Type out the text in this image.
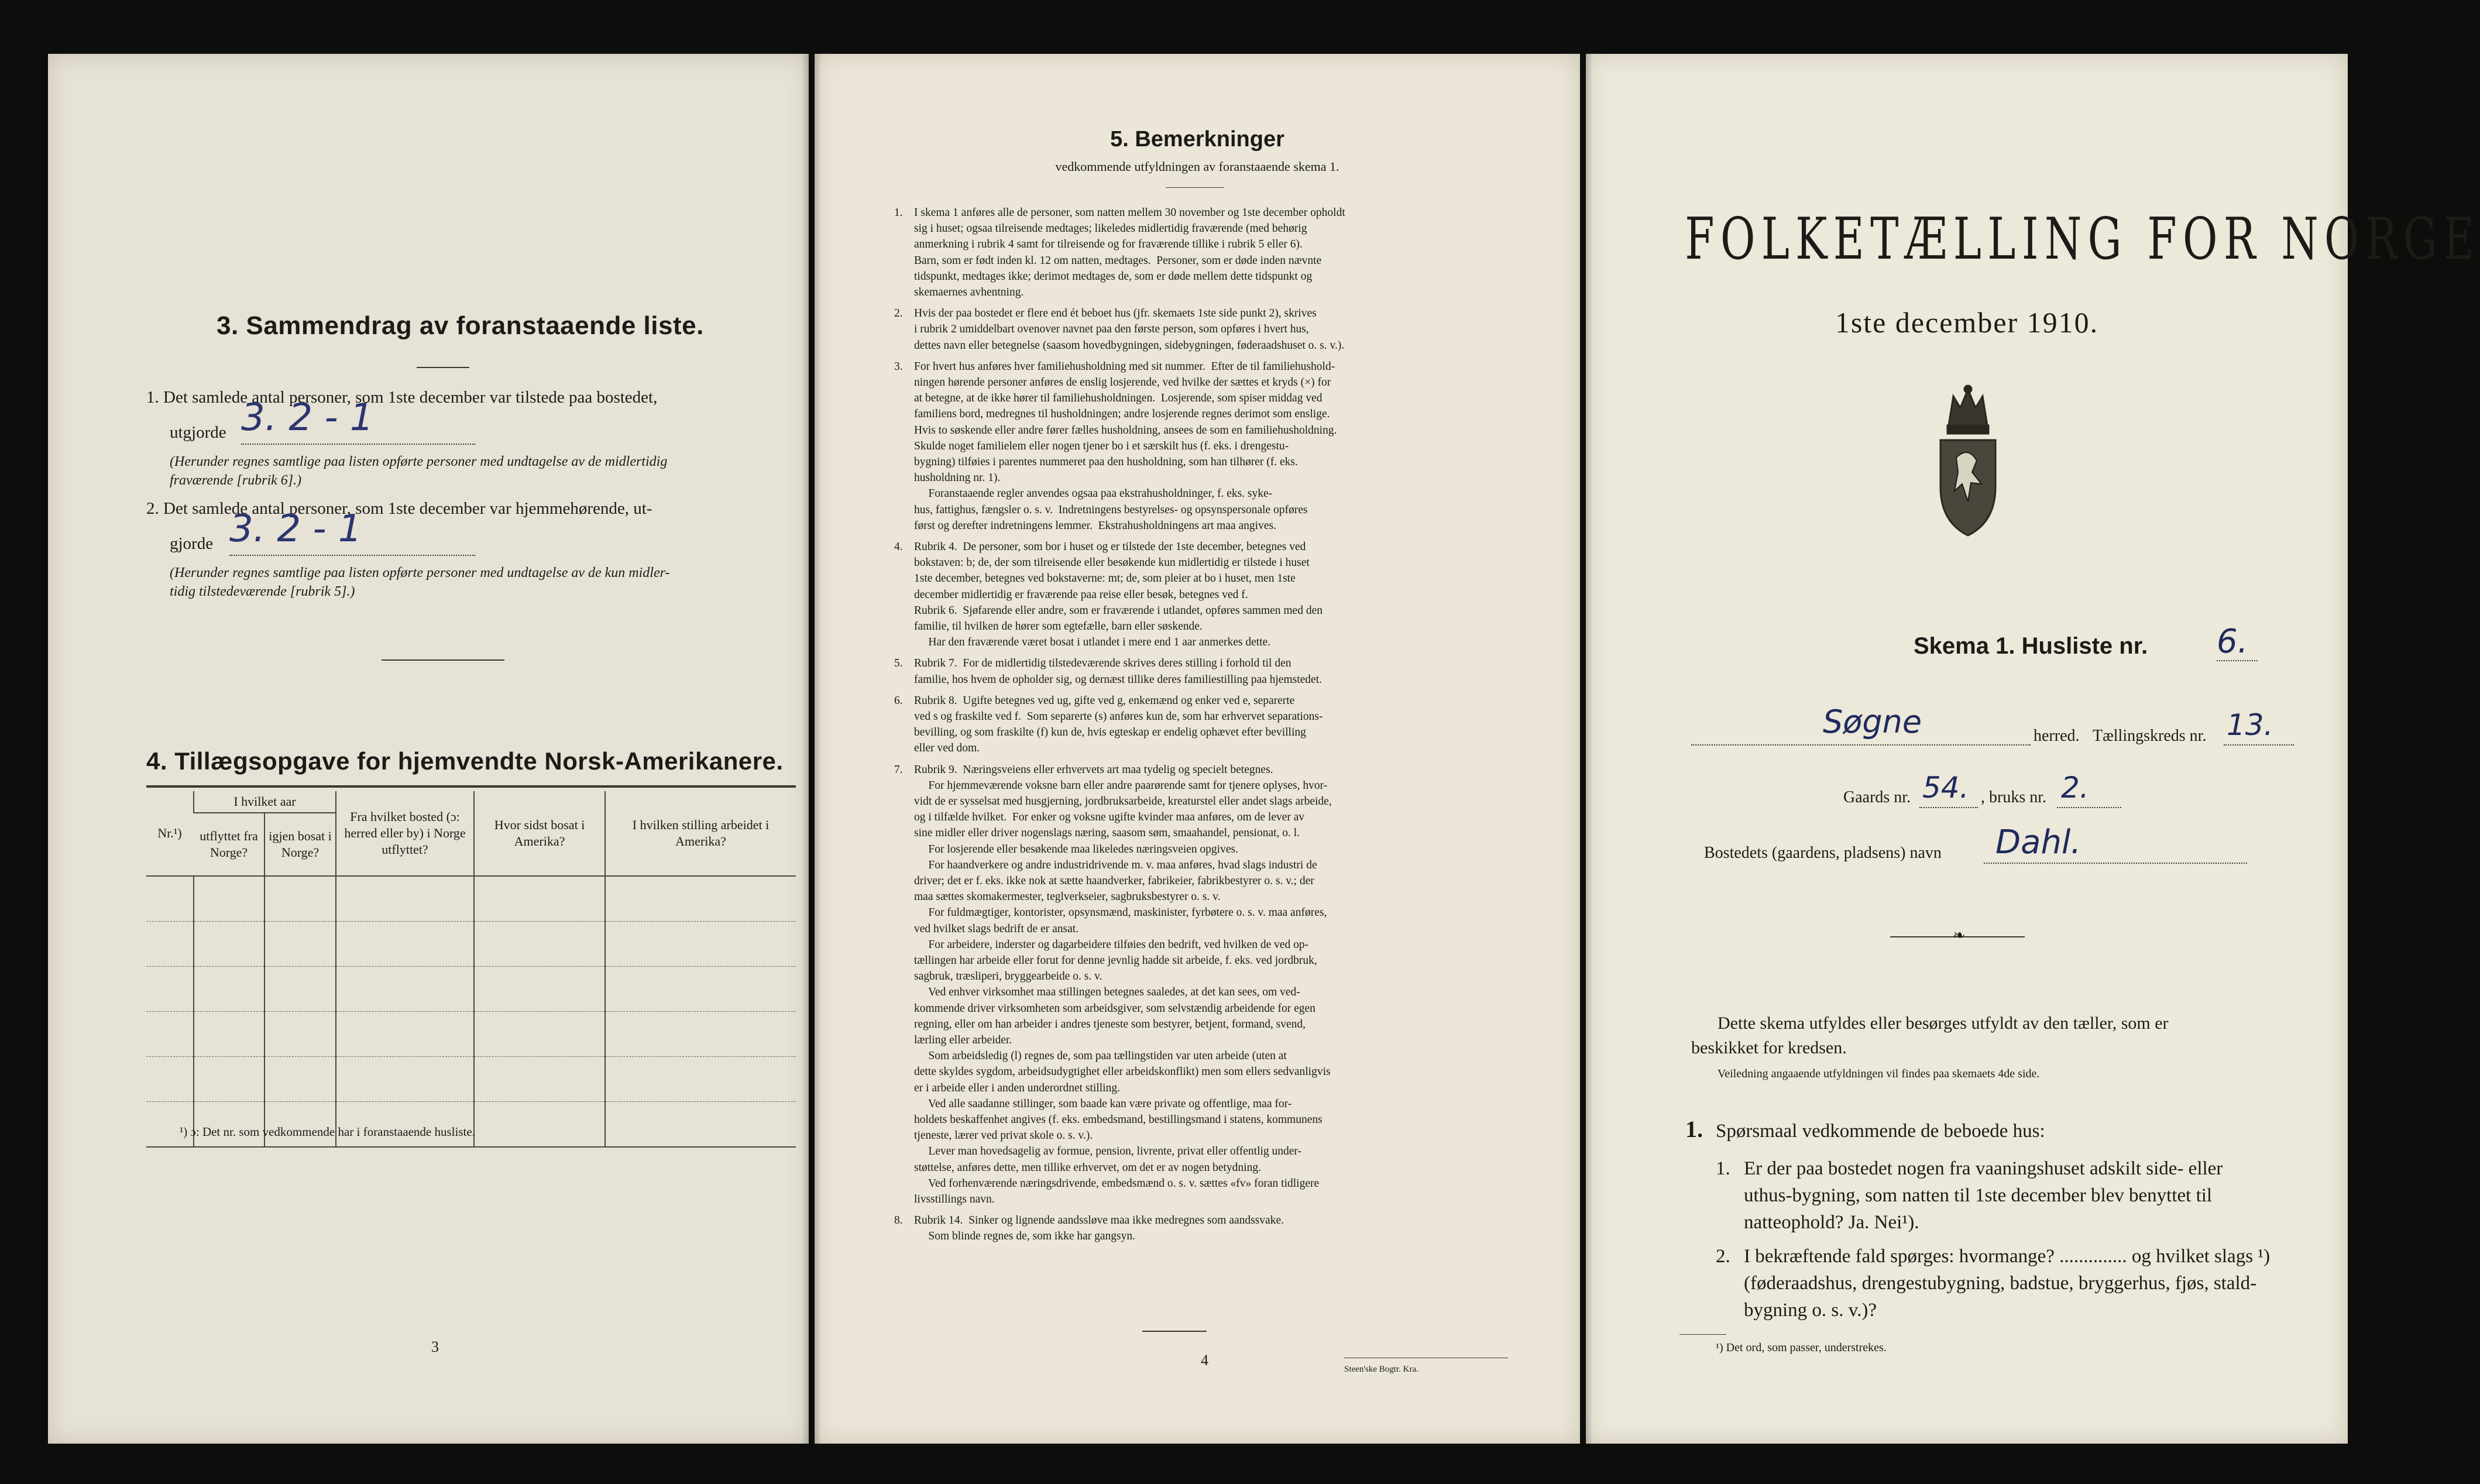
3. Sammendrag av foranstaaende liste.
1. Det samlede antal personer, som 1ste december var tilstede paa bostedet,
utgjorde 3. 2 - 1
(Herunder regnes samtlige paa listen opførte personer med undtagelse av de midlertidig
fraværende [rubrik 6].)
2. Det samlede antal personer, som 1ste december var hjemmehørende, ut-
gjorde 3. 2 - 1
(Herunder regnes samtlige paa listen opførte personer med undtagelse av de kun midler-
tidig tilstedeværende [rubrik 5].)
4. Tillægsopgave for hjemvendte Norsk-Amerikanere.
Nr.¹)	I hvilket aar		Fra hvilket bosted (ɔ: herred eller by) i Norge utflyttet?	Hvor sidst bosat i Amerika?	I hvilken stilling arbeidet i Amerika?
	utflyttet fra Norge?	igjen bosat i Norge?			

¹) ɔ: Det nr. som vedkommende har i foranstaaende husliste.
3
5. Bemerkninger
vedkommende utfyldningen av foranstaaende skema 1.
4
Steen'ske Bogtr. Kra.
1. I skema 1 anføres alle de personer, som natten mellem 30 november og 1ste december opholdt
sig i huset; ogsaa tilreisende medtages; likeledes midlertidig fraværende (med behørig
anmerkning i rubrik 4 samt for tilreisende og for fraværende tillike i rubrik 5 eller 6).
Barn, som er født inden kl. 12 om natten, medtages.  Personer, som er døde inden nævnte
tidspunkt, medtages ikke; derimot medtages de, som er døde mellem dette tidspunkt og
skemaernes avhentning.
2. Hvis der paa bostedet er flere end ét beboet hus (jfr. skemaets 1ste side punkt 2), skrives
i rubrik 2 umiddelbart ovenover navnet paa den første person, som opføres i hvert hus,
dettes navn eller betegnelse (saasom hovedbygningen, sidebygningen, føderaadshuset o. s. v.).
3. For hvert hus anføres hver familiehusholdning med sit nummer.  Efter de til familiehushold-
ningen hørende personer anføres de enslig losjerende, ved hvilke der sættes et kryds (×) for
at betegne, at de ikke hører til familiehusholdningen.  Losjerende, som spiser middag ved
familiens bord, medregnes til husholdningen; andre losjerende regnes derimot som enslige.
Hvis to søskende eller andre fører fælles husholdning, ansees de som en familiehusholdning.
Skulde noget familielem eller nogen tjener bo i et særskilt hus (f. eks. i drengestu-
bygning) tilføies i parentes nummeret paa den husholdning, som han tilhører (f. eks.
husholdning nr. 1).
Foranstaaende regler anvendes ogsaa paa ekstrahusholdninger, f. eks. syke-
hus, fattighus, fængsler o. s. v.  Indretningens bestyrelses- og opsynspersonale opføres
først og derefter indretningens lemmer.  Ekstrahusholdningens art maa angives.
4. Rubrik 4.  De personer, som bor i huset og er tilstede der 1ste december, betegnes ved
bokstaven: b; de, der som tilreisende eller besøkende kun midlertidig er tilstede i huset
1ste december, betegnes ved bokstaverne: mt; de, som pleier at bo i huset, men 1ste
december midlertidig er fraværende paa reise eller besøk, betegnes ved f.
Rubrik 6.  Sjøfarende eller andre, som er fraværende i utlandet, opføres sammen med den
familie, til hvilken de hører som egtefælle, barn eller søskende.
Har den fraværende været bosat i utlandet i mere end 1 aar anmerkes dette.
5. Rubrik 7.  For de midlertidig tilstedeværende skrives deres stilling i forhold til den
familie, hos hvem de opholder sig, og dernæst tillike deres familiestilling paa hjemstedet.
6. Rubrik 8.  Ugifte betegnes ved ug, gifte ved g, enkemænd og enker ved e, separerte
ved s og fraskilte ved f.  Som separerte (s) anføres kun de, som har erhvervet separations-
bevilling, og som fraskilte (f) kun de, hvis egteskap er endelig ophævet efter bevilling
eller ved dom.
7. Rubrik 9.  Næringsveiens eller erhvervets art maa tydelig og specielt betegnes.
For hjemmeværende voksne barn eller andre paarørende samt for tjenere oplyses, hvor-
vidt de er sysselsat med husgjerning, jordbruksarbeide, kreaturstel eller andet slags arbeide,
og i tilfælde hvilket.  For enker og voksne ugifte kvinder maa anføres, om de lever av
sine midler eller driver nogenslags næring, saasom søm, smaahandel, pensionat, o. l.
For losjerende eller besøkende maa likeledes næringsveien opgives.
For haandverkere og andre industridrivende m. v. maa anføres, hvad slags industri de
driver; det er f. eks. ikke nok at sætte haandverker, fabrikeier, fabrikbestyrer o. s. v.; der
maa sættes skomakermester, teglverkseier, sagbruksbestyrer o. s. v.
For fuldmægtiger, kontorister, opsynsmænd, maskinister, fyrbøtere o. s. v. maa anføres,
ved hvilket slags bedrift de er ansat.
For arbeidere, inderster og dagarbeidere tilføies den bedrift, ved hvilken de ved op-
tællingen har arbeide eller forut for denne jevnlig hadde sit arbeide, f. eks. ved jordbruk,
sagbruk, træsliperi, bryggearbeide o. s. v.
Ved enhver virksomhet maa stillingen betegnes saaledes, at det kan sees, om ved-
kommende driver virksomheten som arbeidsgiver, som selvstændig arbeidende for egen
regning, eller om han arbeider i andres tjeneste som bestyrer, betjent, formand, svend,
lærling eller arbeider.
Som arbeidsledig (l) regnes de, som paa tællingstiden var uten arbeide (uten at
dette skyldes sygdom, arbeidsudygtighet eller arbeidskonflikt) men som ellers sedvanligvis
er i arbeide eller i anden underordnet stilling.
Ved alle saadanne stillinger, som baade kan være private og offentlige, maa for-
holdets beskaffenhet angives (f. eks. embedsmand, bestillingsmand i statens, kommunens
tjeneste, lærer ved privat skole o. s. v.).
Lever man hovedsagelig av formue, pension, livrente, privat eller offentlig under-
støttelse, anføres dette, men tillike erhvervet, om det er av nogen betydning.
Ved forhenværende næringsdrivende, embedsmænd o. s. v. sættes «fv» foran tidligere
livsstillings navn.
8. Rubrik 14.  Sinker og lignende aandssløve maa ikke medregnes som aandssvake.
Som blinde regnes de, som ikke har gangsyn.
FOLKETÆLLING FOR NORGE
1ste december 1910.
Skema 1. Husliste nr. 6.
Søgne	herred. Tællingskreds nr. 13.
Gaards nr. 54. , bruks nr. 2.
Bostedets (gaardens, pladsens) navn Dahl.
❧
Dette skema utfyldes eller besørges utfyldt av den tæller, som er
beskikket for kredsen.
Veiledning angaaende utfyldningen vil findes paa skemaets 4de side.
1. Spørsmaal vedkommende de beboede hus:
1. Er der paa bostedet nogen fra vaaningshuset adskilt side- eller
uthus-bygning, som natten til 1ste december blev benyttet til
natteophold? Ja. Nei¹).
2. I bekræftende fald spørges: hvormange? .............. og hvilket slags ¹)
(føderaadshus, drengestubygning, badstue, bryggerhus, fjøs, stald-
bygning o. s. v.)?
¹) Det ord, som passer, understrekes.
